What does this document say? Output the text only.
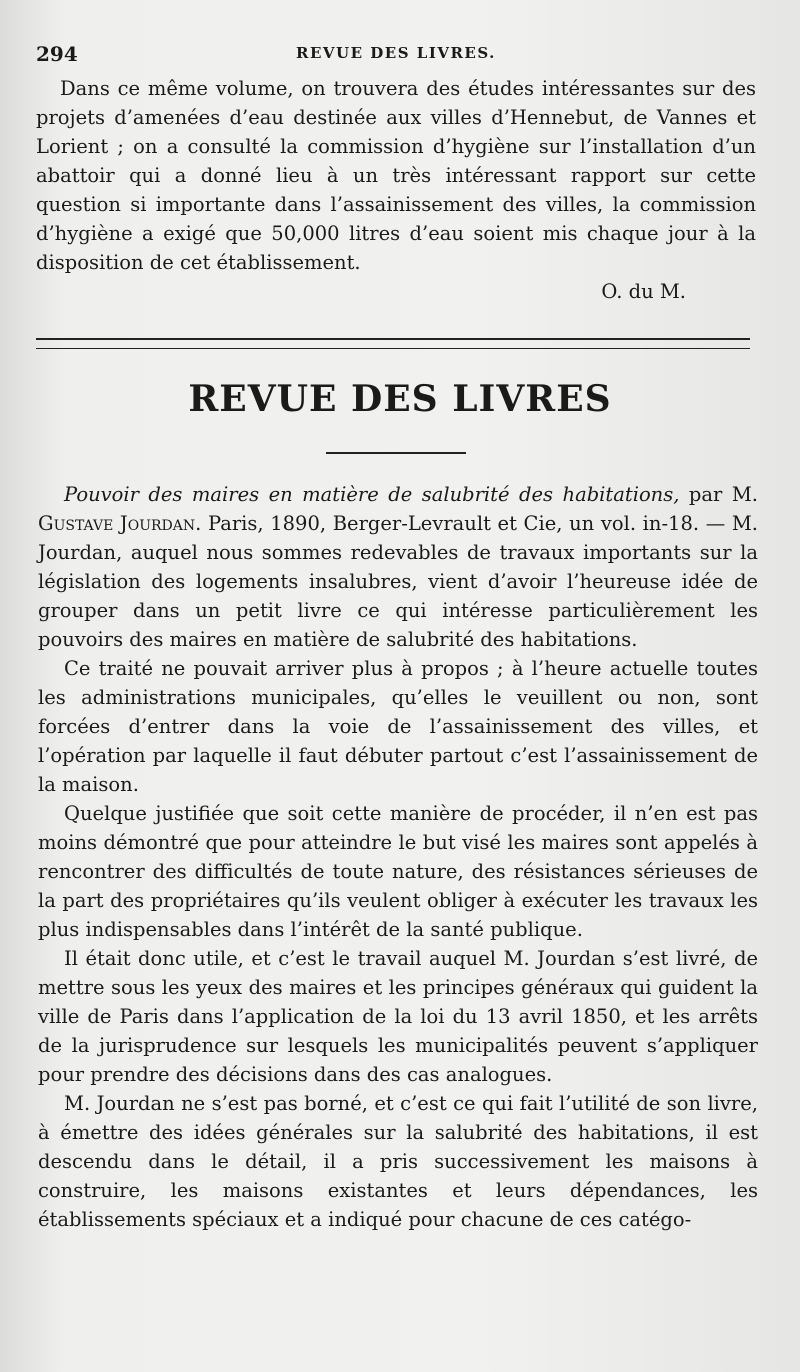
294	REVUE DES LIVRES.

Dans ce même volume, on trouvera des études intéressantes sur des projets d’amenées d’eau destinée aux villes d’Hennebut, de Vannes et Lorient ; on a consulté la commission d’hygiène sur l’installation d’un abattoir qui a donné lieu à un très intéressant rapport sur cette question si importante dans l’assainissement des villes, la commission d’hygiène a exigé que 50,000 litres d’eau soient mis chaque jour à la disposition de cet établissement.

O. du M.

REVUE DES LIVRES

Pouvoir des maires en matière de salubrité des habitations, par M. Gustave Jourdan. Paris, 1890, Berger-Levrault et Cie, un vol. in-18. — M. Jourdan, auquel nous sommes redevables de travaux importants sur la législation des logements insalubres, vient d’avoir l’heureuse idée de grouper dans un petit livre ce qui intéresse particulièrement les pouvoirs des maires en matière de salubrité des habitations.

Ce traité ne pouvait arriver plus à propos ; à l’heure actuelle toutes les administrations municipales, qu’elles le veuillent ou non, sont forcées d’entrer dans la voie de l’assainissement des villes, et l’opération par laquelle il faut débuter partout c’est l’assainissement de la maison.

Quelque justifiée que soit cette manière de procéder, il n’en est pas moins démontré que pour atteindre le but visé les maires sont appelés à rencontrer des difficultés de toute nature, des résistances sérieuses de la part des propriétaires qu’ils veulent obliger à exécuter les travaux les plus indispensables dans l’intérêt de la santé publique.

Il était donc utile, et c’est le travail auquel M. Jourdan s’est livré, de mettre sous les yeux des maires et les principes généraux qui guident la ville de Paris dans l’application de la loi du 13 avril 1850, et les arrêts de la jurisprudence sur lesquels les municipalités peuvent s’appliquer pour prendre des décisions dans des cas analogues.

M. Jourdan ne s’est pas borné, et c’est ce qui fait l’utilité de son livre, à émettre des idées générales sur la salubrité des habitations, il est descendu dans le détail, il a pris successivement les maisons à construire, les maisons existantes et leurs dépendances, les établissements spéciaux et a indiqué pour chacune de ces catégo-
